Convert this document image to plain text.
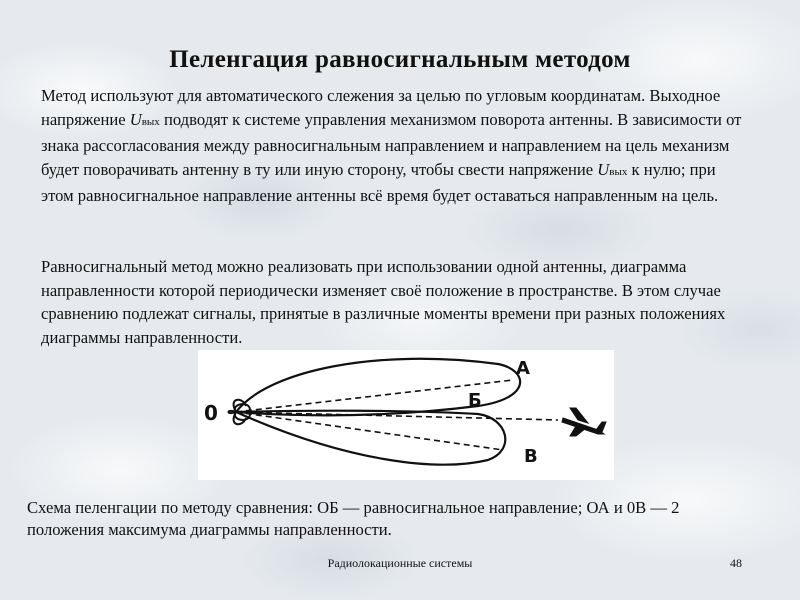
Пеленгация равносигнальным методом

Метод используют для автоматического слежения за целью по угловым координатам. Выходное напряжение Uвых подводят к системе управления механизмом поворота антенны. В зависимости от знака рассогласования между равносигнальным направлением и направлением на цель механизм будет поворачивать антенну в ту или иную сторону, чтобы свести напряжение Uвых к нулю; при этом равносигнальное направление антенны всё время будет оставаться направленным на цель.

Равносигнальный метод можно реализовать при использовании одной антенны, диаграмма направленности которой периодически изменяет своё положение в пространстве. В этом случае сравнению подлежат сигналы, принятые в различные моменты времени при разных положениях диаграммы направленности.

0
А
Б
В

Схема пеленгации по методу сравнения: ОБ — равносигнальное направление; ОА и 0В — 2 положения максимума диаграммы направленности.

Радиолокационные системы	48
